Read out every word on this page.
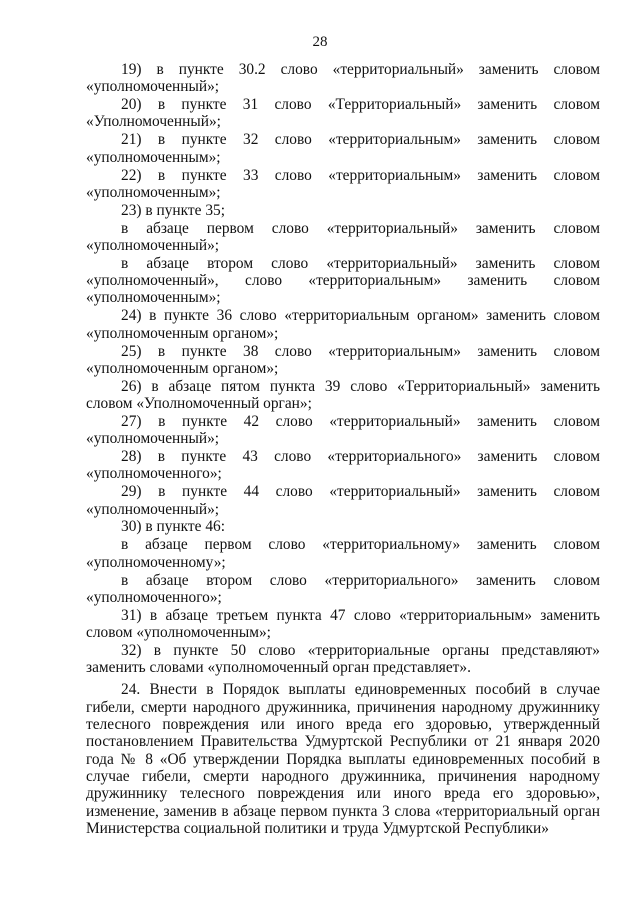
28

19) в пункте 30.2 слово «территориальный» заменить словом «уполномоченный»;

20) в пункте 31 слово «Территориальный» заменить словом «Уполномоченный»;

21) в пункте 32 слово «территориальным» заменить словом «уполномоченным»;

22) в пункте 33 слово «территориальным» заменить словом «уполномоченным»;

23) в пункте 35;

в абзаце первом слово «территориальный» заменить словом «уполномоченный»;

в абзаце втором слово «территориальный» заменить словом «уполномоченный», слово «территориальным» заменить словом «уполномоченным»;

24) в пункте 36 слово «территориальным органом» заменить словом «уполномоченным органом»;

25) в пункте 38 слово «территориальным» заменить словом «уполномоченным органом»;

26) в абзаце пятом пункта 39 слово «Территориальный» заменить словом «Уполномоченный орган»;

27) в пункте 42 слово «территориальный» заменить словом «уполномоченный»;

28) в пункте 43 слово «территориального» заменить словом «уполномоченного»;

29) в пункте 44 слово «территориальный» заменить словом «уполномоченный»;

30) в пункте 46:

в абзаце первом слово «территориальному» заменить словом «уполномоченному»;

в абзаце втором слово «территориального» заменить словом «уполномоченного»;

31) в абзаце третьем пункта 47 слово «территориальным» заменить словом «уполномоченным»;

32) в пункте 50 слово «территориальные органы представляют» заменить словами «уполномоченный орган представляет».

24. Внести в Порядок выплаты единовременных пособий в случае гибели, смерти народного дружинника, причинения народному дружиннику телесного повреждения или иного вреда его здоровью, утвержденный постановлением Правительства Удмуртской Республики от 21 января 2020 года № 8 «Об утверждении Порядка выплаты единовременных пособий в случае гибели, смерти народного дружинника, причинения народному дружиннику телесного повреждения или иного вреда его здоровью», изменение, заменив в абзаце первом пункта 3 слова «территориальный орган Министерства социальной политики и труда Удмуртской Республики»
